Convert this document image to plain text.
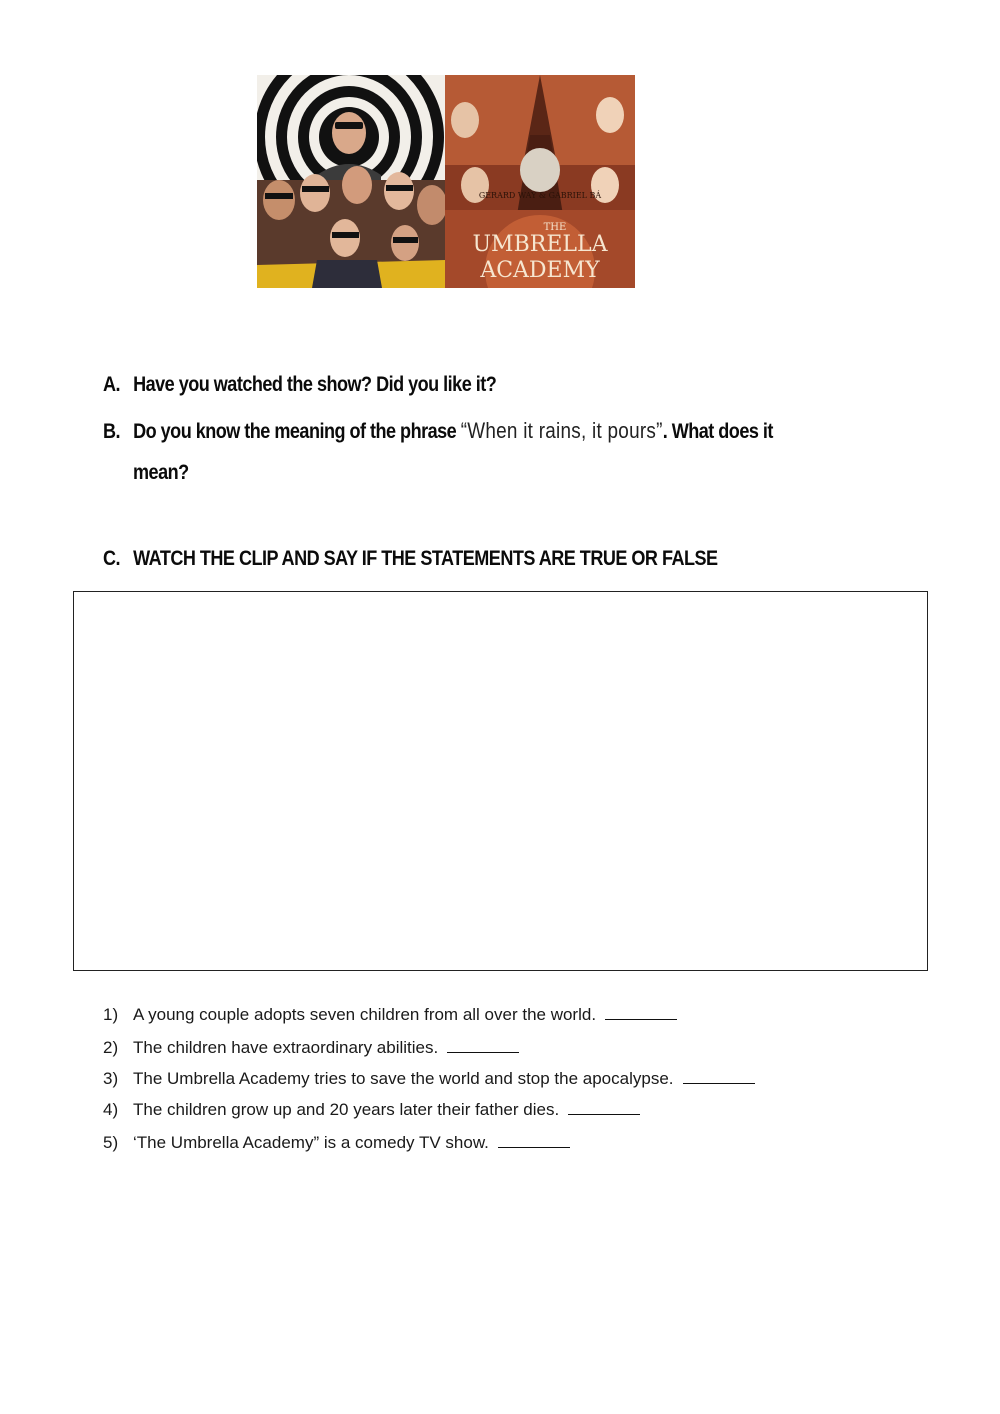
GERARD WAY & GABRIEL BÁ
THE
UMBRELLA
ACADEMY
A. Have you watched the show? Did you like it?
B. Do you know the meaning of the phrase “When it rains, it pours”. What does it
mean?
C. WATCH THE CLIP AND SAY IF THE STATEMENTS ARE TRUE OR FALSE
1) A young couple adopts seven children from all over the world.
2) The children have extraordinary abilities.
3) The Umbrella Academy tries to save the world and stop the apocalypse.
4) The children grow up and 20 years later their father dies.
5) ‘The Umbrella Academy” is a comedy TV show.
